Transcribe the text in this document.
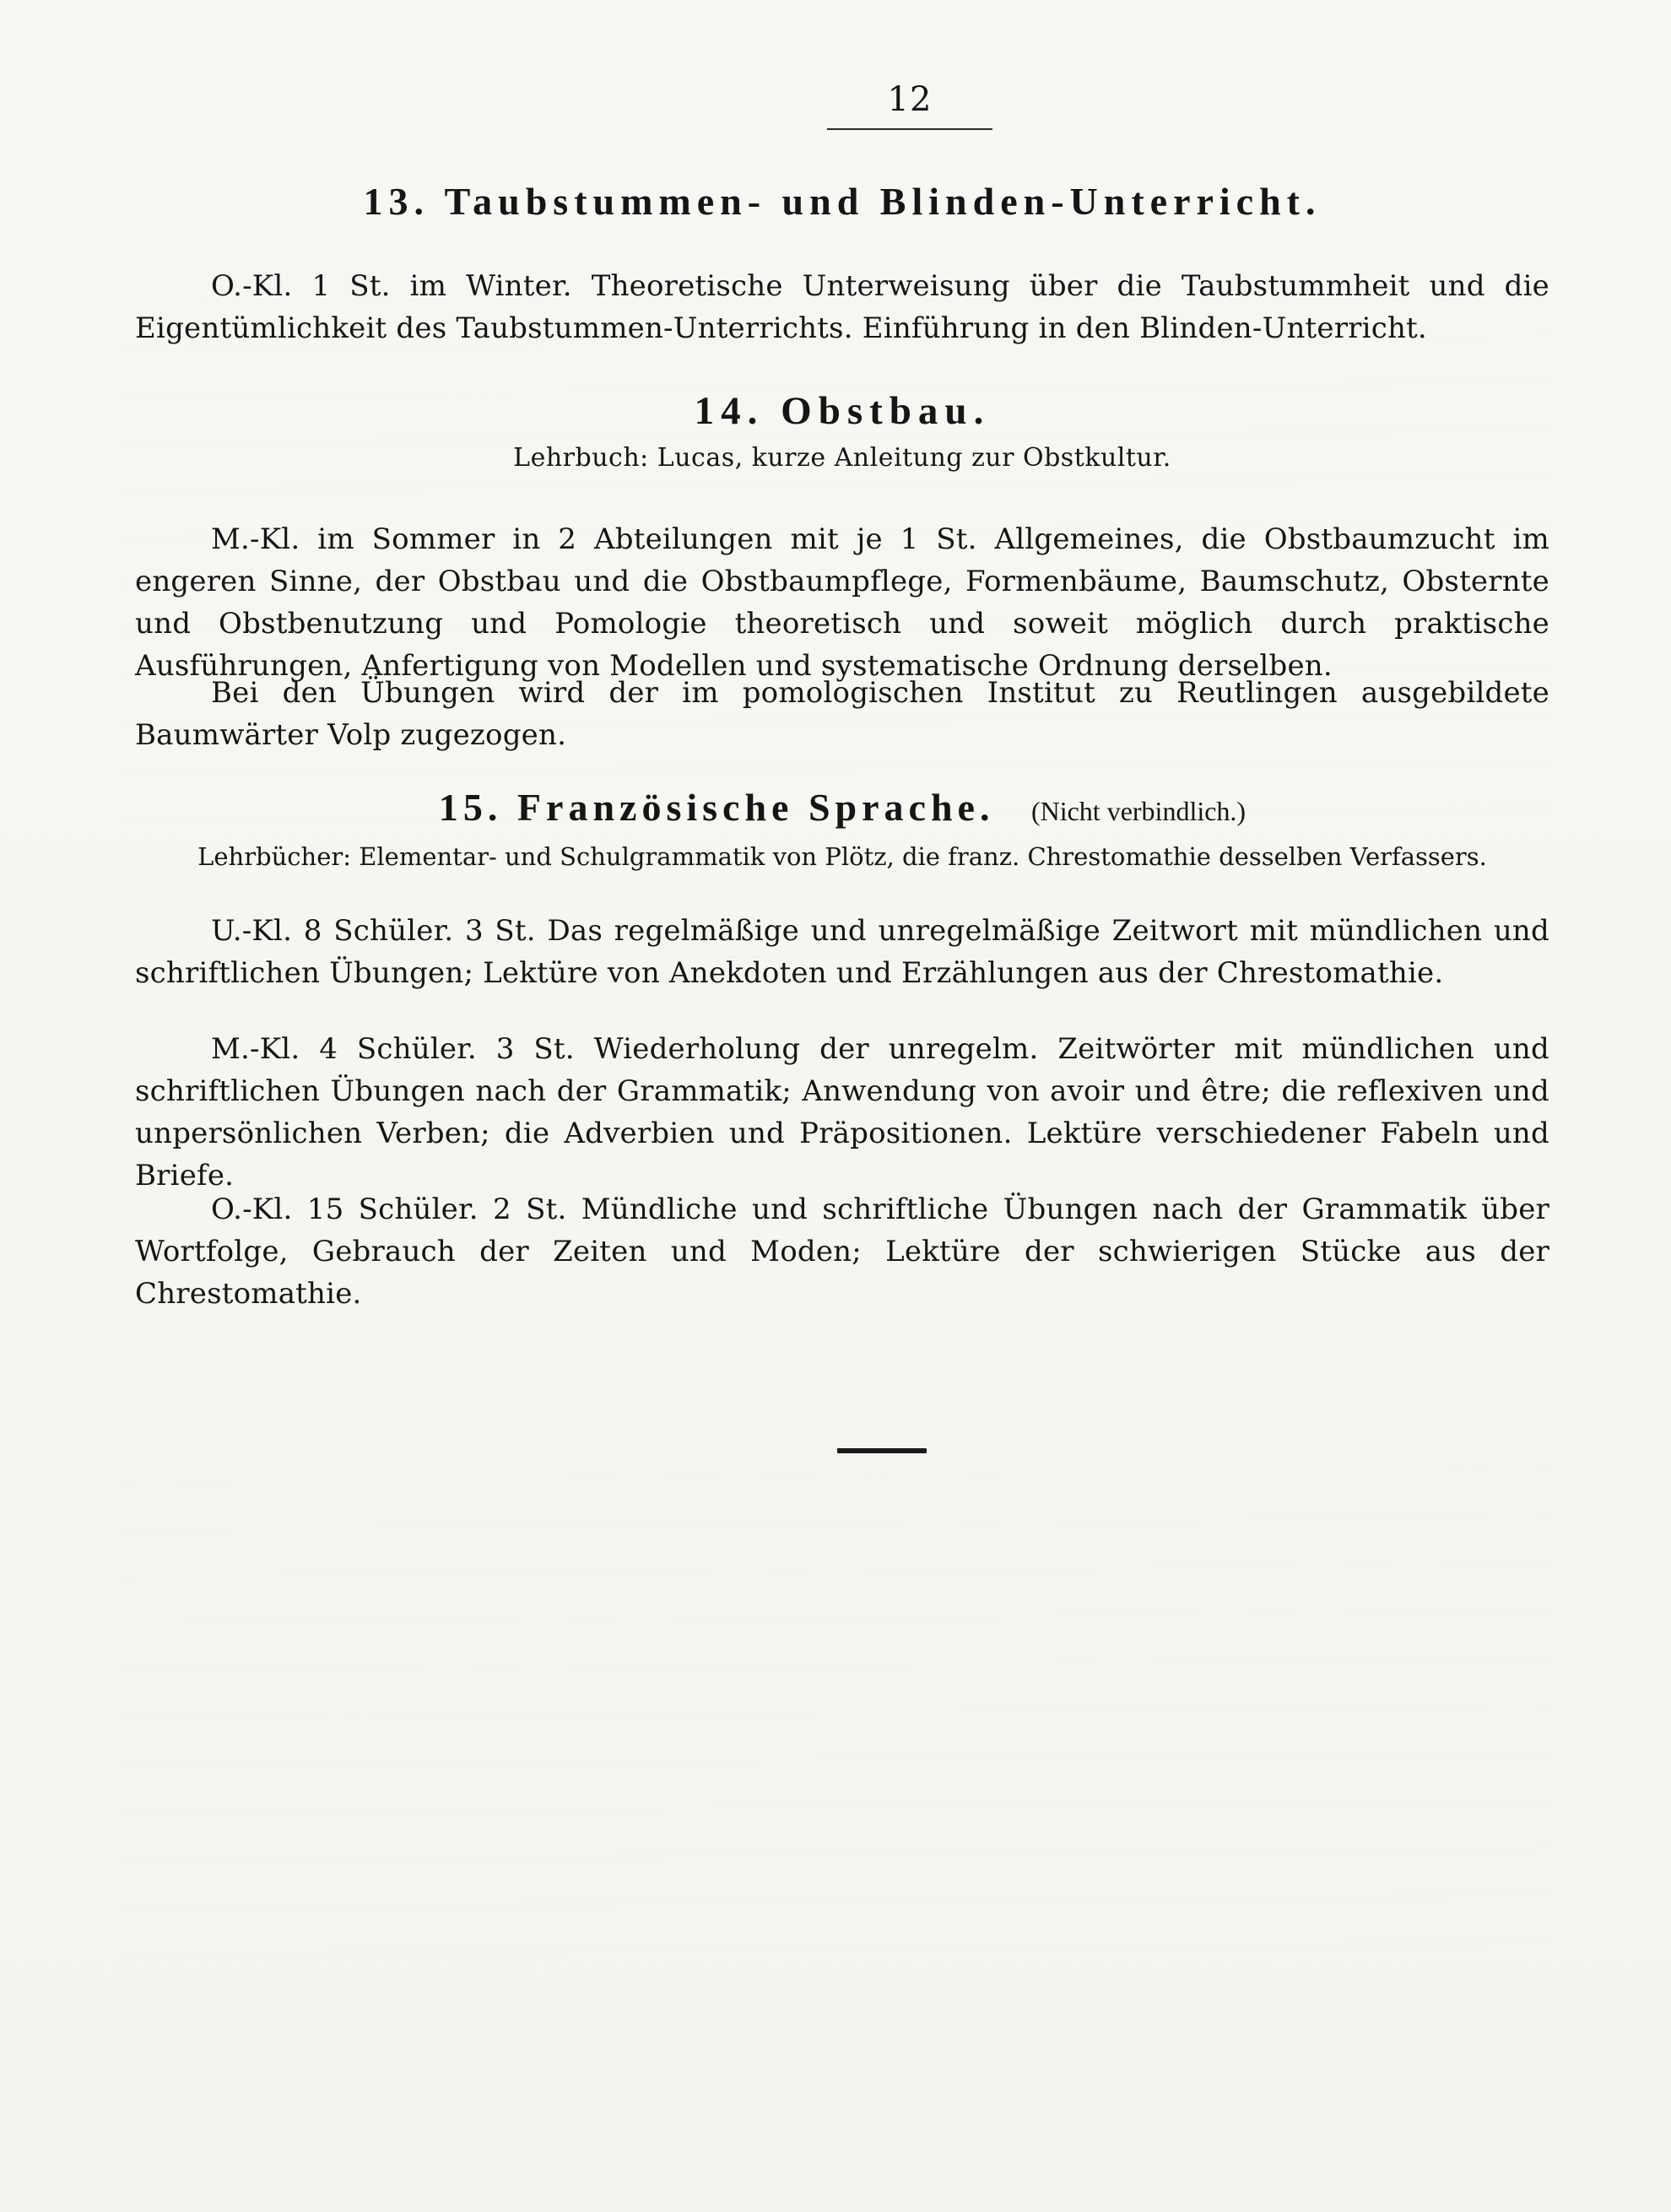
12
13. Taubstummen- und Blinden-Unterricht.

O.-Kl. 1 St. im Winter. Theoretische Unterweisung über die Taubstummheit und die Eigentümlichkeit des Taubstummen-Unterrichts. Einführung in den Blinden-Unterricht.

14. Obstbau.
Lehrbuch: Lucas, kurze Anleitung zur Obstkultur.

M.-Kl. im Sommer in 2 Abteilungen mit je 1 St. Allgemeines, die Obstbaumzucht im engeren Sinne, der Obstbau und die Obstbaumpflege, Formenbäume, Baumschutz, Obsternte und Obstbenutzung und Pomologie theoretisch und soweit möglich durch praktische Ausführungen, Anfertigung von Modellen und systematische Ordnung derselben.

Bei den Übungen wird der im pomologischen Institut zu Reutlingen ausgebildete Baumwärter Volp zugezogen.

15. Französische Sprache. (Nicht verbindlich.)
Lehrbücher: Elementar- und Schulgrammatik von Plötz, die franz. Chrestomathie desselben Verfassers.

U.-Kl. 8 Schüler. 3 St. Das regelmäßige und unregelmäßige Zeitwort mit mündlichen und schriftlichen Übungen; Lektüre von Anekdoten und Erzählungen aus der Chrestomathie.

M.-Kl. 4 Schüler. 3 St. Wiederholung der unregelm. Zeitwörter mit mündlichen und schriftlichen Übungen nach der Grammatik; Anwendung von avoir und être; die reflexiven und unpersönlichen Verben; die Adverbien und Präpositionen. Lektüre verschiedener Fabeln und Briefe.

O.-Kl. 15 Schüler. 2 St. Mündliche und schriftliche Übungen nach der Grammatik über Wortfolge, Gebrauch der Zeiten und Moden; Lektüre der schwierigen Stücke aus der Chrestomathie.
